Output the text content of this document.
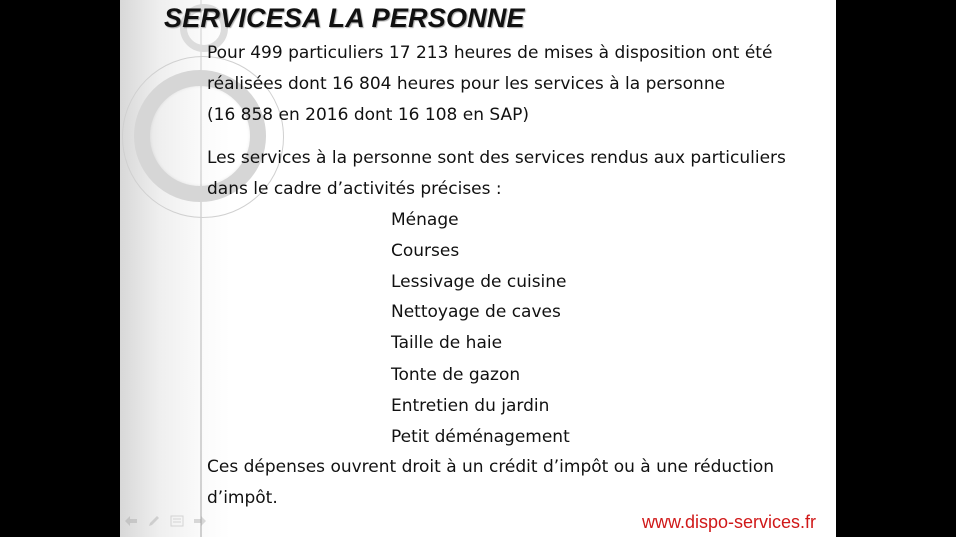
SERVICESA LA PERSONNE
Pour 499 particuliers 17 213 heures de mises à disposition ont été
réalisées dont 16 804 heures pour les services à la personne
(16 858 en 2016 dont 16 108 en SAP)
Les services à la personne sont des services rendus aux particuliers
dans le cadre d’activités précises :
Ménage
Courses
Lessivage de cuisine
Nettoyage de caves
Taille de haie
Tonte de gazon
Entretien du jardin
Petit déménagement
Ces dépenses ouvrent droit à un crédit d’impôt ou à une réduction
d’impôt.
www.dispo-services.fr
